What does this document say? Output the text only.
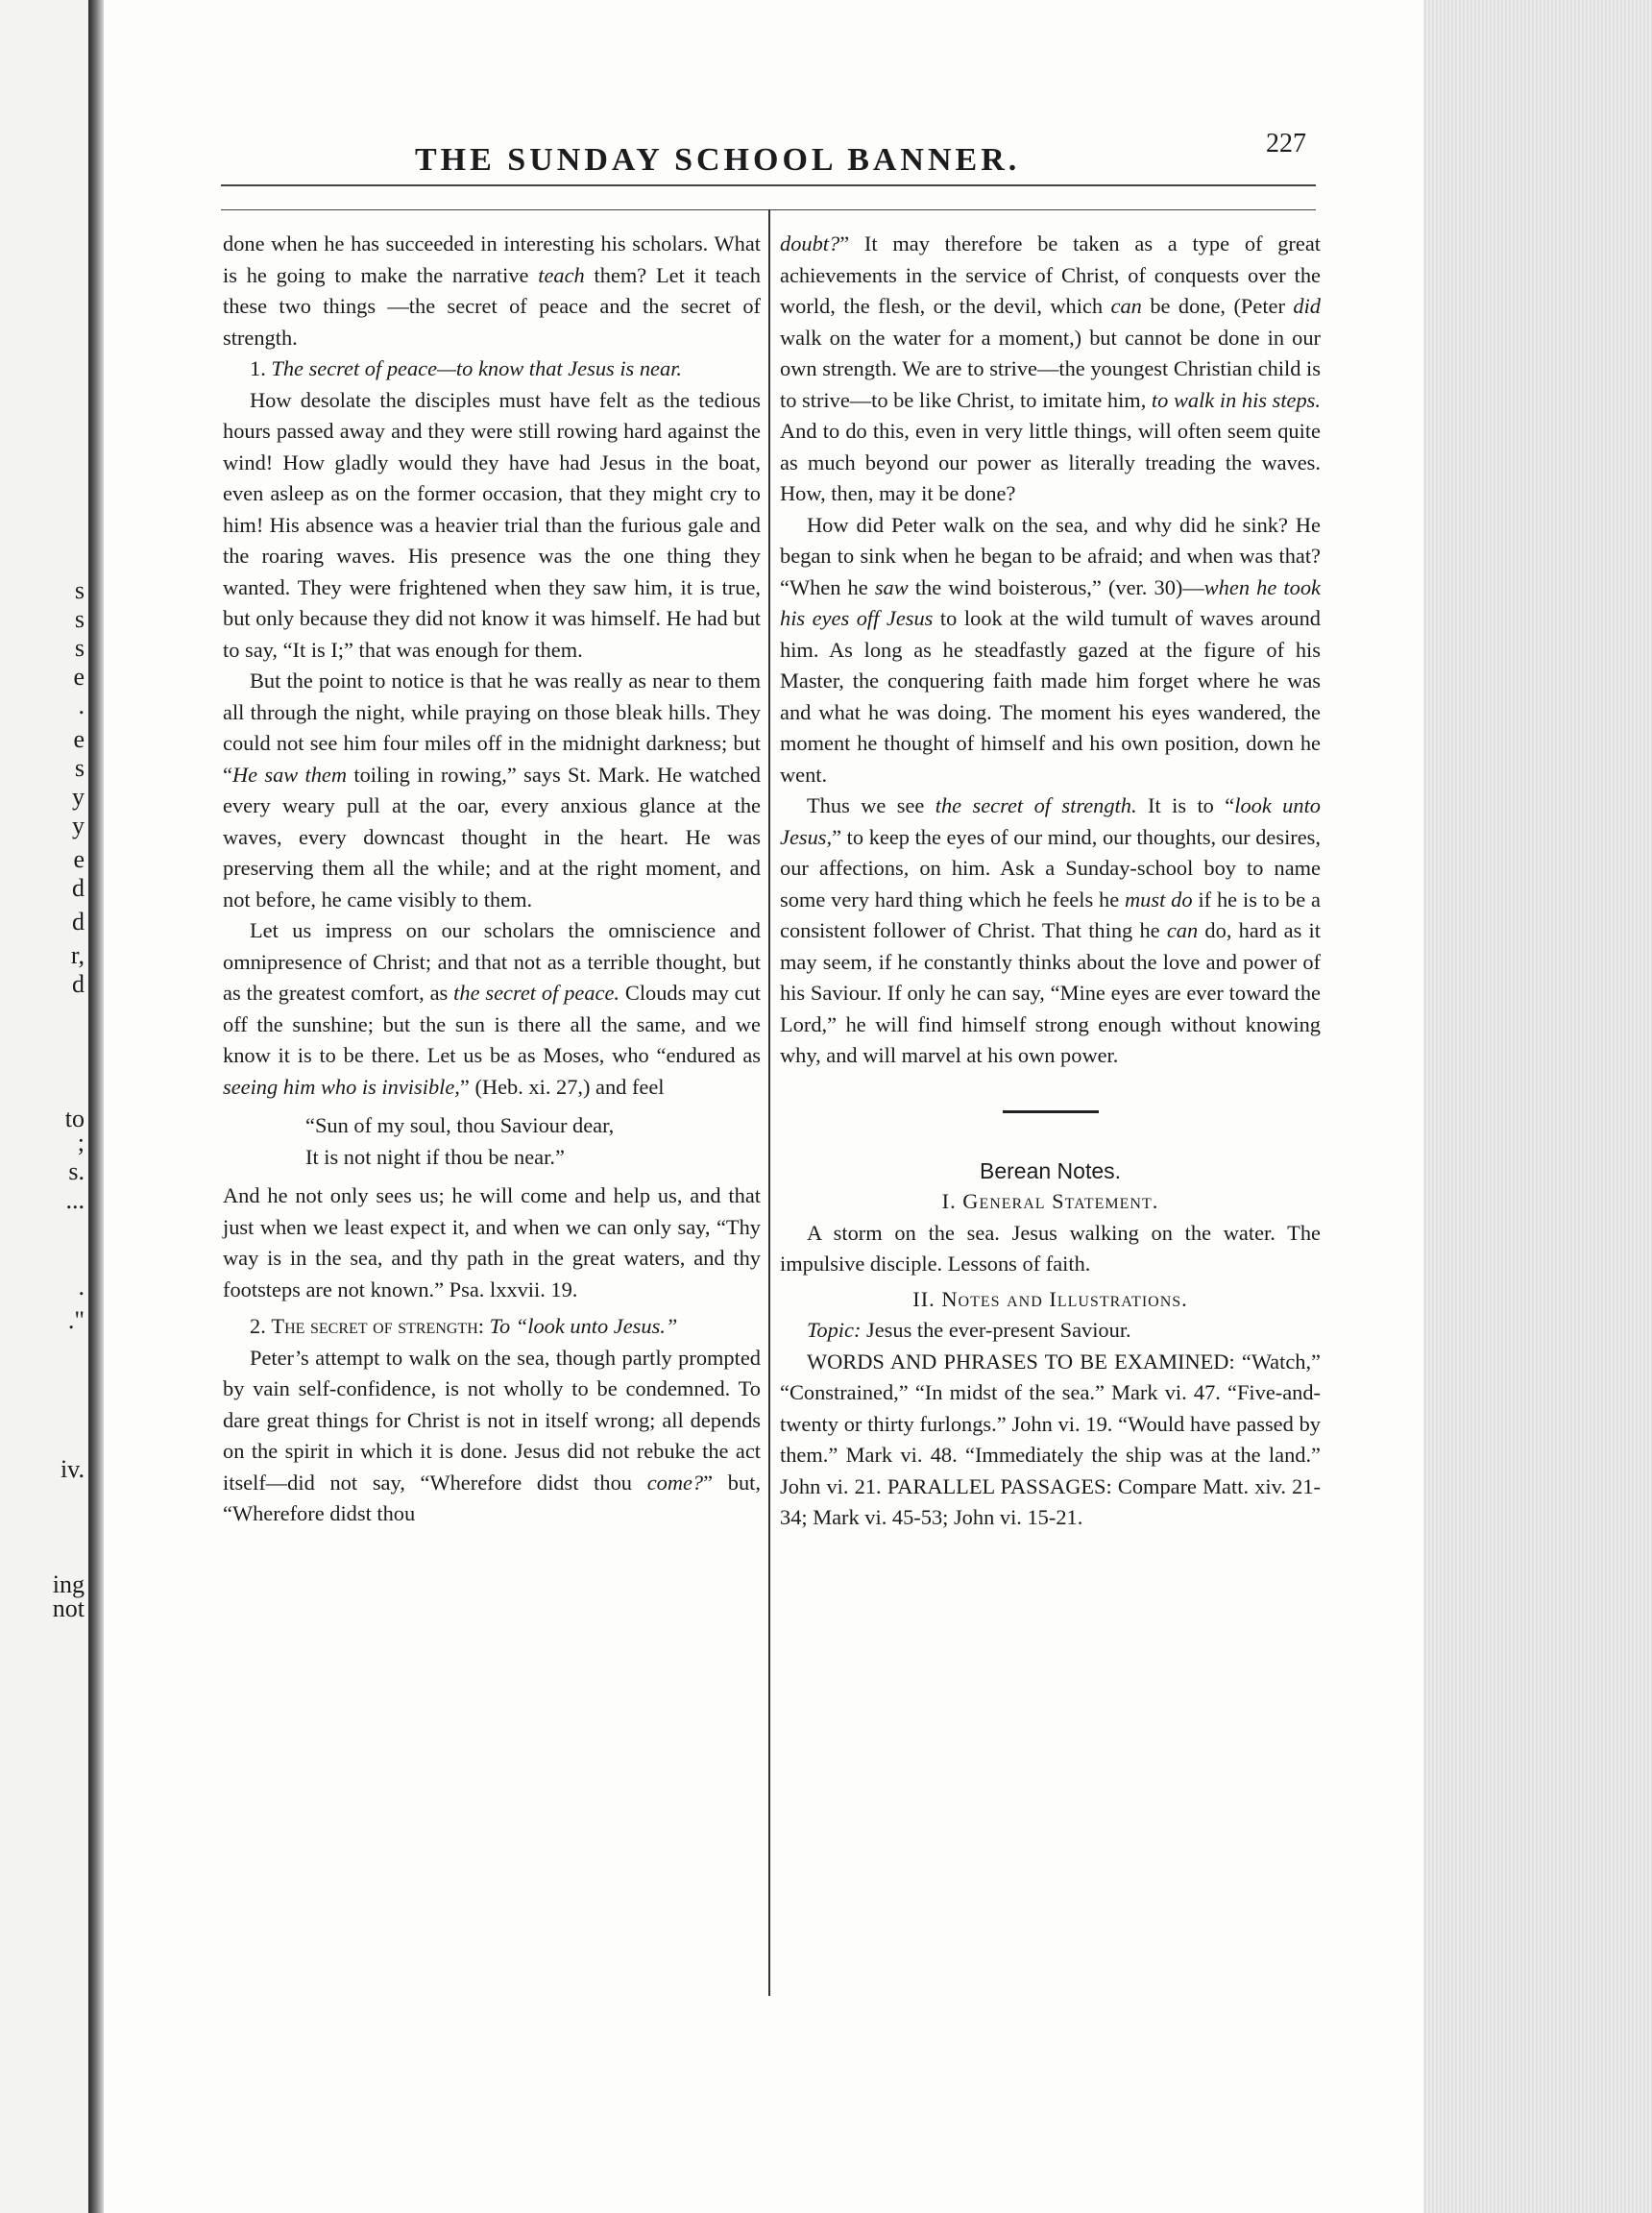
s
s
s
e
.
e
s
y
y
e
d
d
r,
d
to
;
s.
...
.
."
iv.
ing
not
THE SUNDAY SCHOOL BANNER.	227

done when he has succeeded in interesting his scholars. What is he going to make the narrative teach them? Let it teach these two things —the secret of peace and the secret of strength.

1. The secret of peace—to know that Jesus is near.

How desolate the disciples must have felt as the tedious hours passed away and they were still rowing hard against the wind! How gladly would they have had Jesus in the boat, even asleep as on the former occasion, that they might cry to him! His absence was a heavier trial than the furious gale and the roaring waves. His presence was the one thing they wanted. They were frightened when they saw him, it is true, but only because they did not know it was himself. He had but to say, “It is I;” that was enough for them.

But the point to notice is that he was really as near to them all through the night, while praying on those bleak hills. They could not see him four miles off in the midnight darkness; but “He saw them toiling in rowing,” says St. Mark. He watched every weary pull at the oar, every anxious glance at the waves, every downcast thought in the heart. He was preserving them all the while; and at the right moment, and not before, he came visibly to them.

Let us impress on our scholars the omniscience and omnipresence of Christ; and that not as a terrible thought, but as the greatest comfort, as the secret of peace. Clouds may cut off the sunshine; but the sun is there all the same, and we know it is to be there. Let us be as Moses, who “endured as seeing him who is invisible,” (Heb. xi. 27,) and feel

“Sun of my soul, thou Saviour dear,

It is not night if thou be near.”

And he not only sees us; he will come and help us, and that just when we least expect it, and when we can only say, “Thy way is in the sea, and thy path in the great waters, and thy footsteps are not known.” Psa. lxxvii. 19.

2. The secret of strength: To “look unto Jesus.”

Peter’s attempt to walk on the sea, though partly prompted by vain self-confidence, is not wholly to be condemned. To dare great things for Christ is not in itself wrong; all depends on the spirit in which it is done. Jesus did not rebuke the act itself—did not say, “Wherefore didst thou come?” but, “Wherefore didst thou

doubt?” It may therefore be taken as a type of great achievements in the service of Christ, of conquests over the world, the flesh, or the devil, which can be done, (Peter did walk on the water for a moment,) but cannot be done in our own strength. We are to strive—the youngest Christian child is to strive—to be like Christ, to imitate him, to walk in his steps. And to do this, even in very little things, will often seem quite as much beyond our power as literally treading the waves. How, then, may it be done?

How did Peter walk on the sea, and why did he sink? He began to sink when he began to be afraid; and when was that? “When he saw the wind boisterous,” (ver. 30)—when he took his eyes off Jesus to look at the wild tumult of waves around him. As long as he steadfastly gazed at the figure of his Master, the conquering faith made him forget where he was and what he was doing. The moment his eyes wandered, the moment he thought of himself and his own position, down he went.

Thus we see the secret of strength. It is to “look unto Jesus,” to keep the eyes of our mind, our thoughts, our desires, our affections, on him. Ask a Sunday-school boy to name some very hard thing which he feels he must do if he is to be a consistent follower of Christ. That thing he can do, hard as it may seem, if he constantly thinks about the love and power of his Saviour. If only he can say, “Mine eyes are ever toward the Lord,” he will find himself strong enough without knowing why, and will marvel at his own power.

Berean Notes.

I. General Statement.

A storm on the sea. Jesus walking on the water. The impulsive disciple. Lessons of faith.

II. Notes and Illustrations.

Topic: Jesus the ever-present Saviour.

WORDS AND PHRASES TO BE EXAMINED: “Watch,” “Constrained,” “In midst of the sea.” Mark vi. 47. “Five-and-twenty or thirty furlongs.” John vi. 19. “Would have passed by them.” Mark vi. 48. “Immediately the ship was at the land.” John vi. 21. PARALLEL PASSAGES: Compare Matt. xiv. 21-34; Mark vi. 45-53; John vi. 15-21.
